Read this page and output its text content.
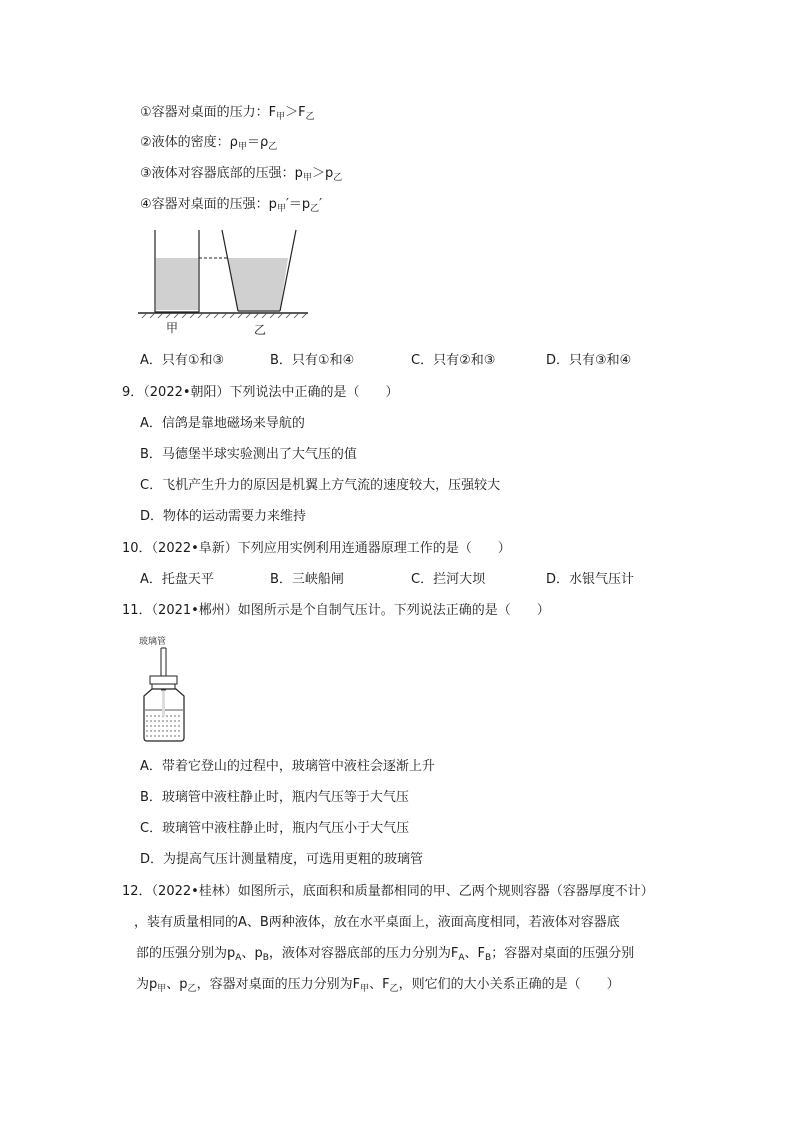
①容器对桌面的压力：$F_甲>F_乙$
②液体的密度：$\rho_甲=\rho_乙$
③液体对容器底部的压强：$p_甲>p_乙$
④容器对桌面的压强：$p_甲'=p_乙'$
甲	乙
A．只有①和③	B．只有①和④	C．只有②和③	D．只有③和④
9．（2022•朝阳）下列说法中正确的是（　　）
A．信鸽是靠地磁场来导航的
B．马德堡半球实验测出了大气压的值
C．飞机产生升力的原因是机翼上方气流的速度较大，压强较大
D．物体的运动需要力来维持
10．（2022•阜新）下列应用实例利用连通器原理工作的是（　　）
A．托盘天平	B．三峡船闸	C．拦河大坝	D．水银气压计
11．（2021•郴州）如图所示是个自制气压计。下列说法正确的是（　　）
玻璃管
A．带着它登山的过程中，玻璃管中液柱会逐渐上升
B．玻璃管中液柱静止时，瓶内气压等于大气压
C．玻璃管中液柱静止时，瓶内气压小于大气压
D．为提高气压计测量精度，可选用更粗的玻璃管
12．（2022•桂林）如图所示，底面积和质量都相同的甲、乙两个规则容器（容器厚度不计）
，装有质量相同的A、B两种液体，放在水平桌面上，液面高度相同，若液体对容器底
部的压强分别为$p_A$、$p_B$，液体对容器底部的压力分别为$F_A$、$F_B$；容器对桌面的压强分别
为$p_甲$、$p_乙$，容器对桌面的压力分别为$F_甲$、$F_乙$，则它们的大小关系正确的是（　　）
